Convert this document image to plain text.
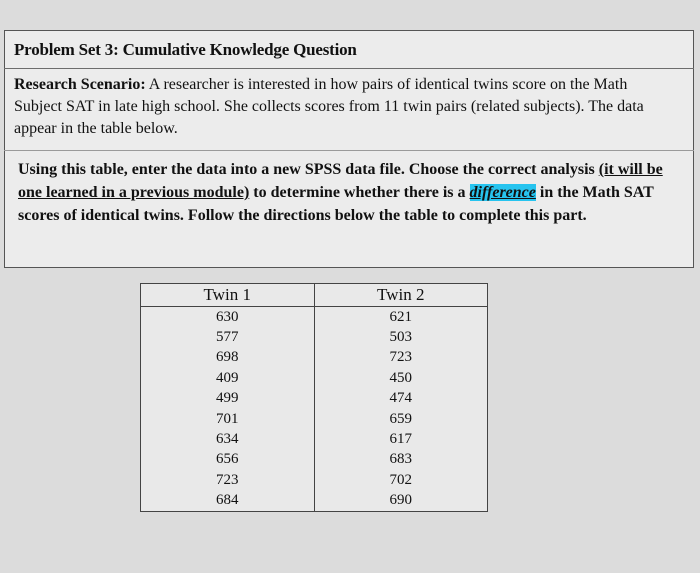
Problem Set 3: Cumulative Knowledge Question
Research Scenario: A researcher is interested in how pairs of identical twins score on the Math Subject SAT in late high school. She collects scores from 11 twin pairs (related subjects). The data appear in the table below.
Using this table, enter the data into a new SPSS data file. Choose the correct analysis (it will be one learned in a previous module) to determine whether there is a difference in the Math SAT scores of identical twins. Follow the directions below the table to complete this part.
Twin 1	Twin 2
630	621
577	503
698	723
409	450
499	474
701	659
634	617
656	683
723	702
684	690
